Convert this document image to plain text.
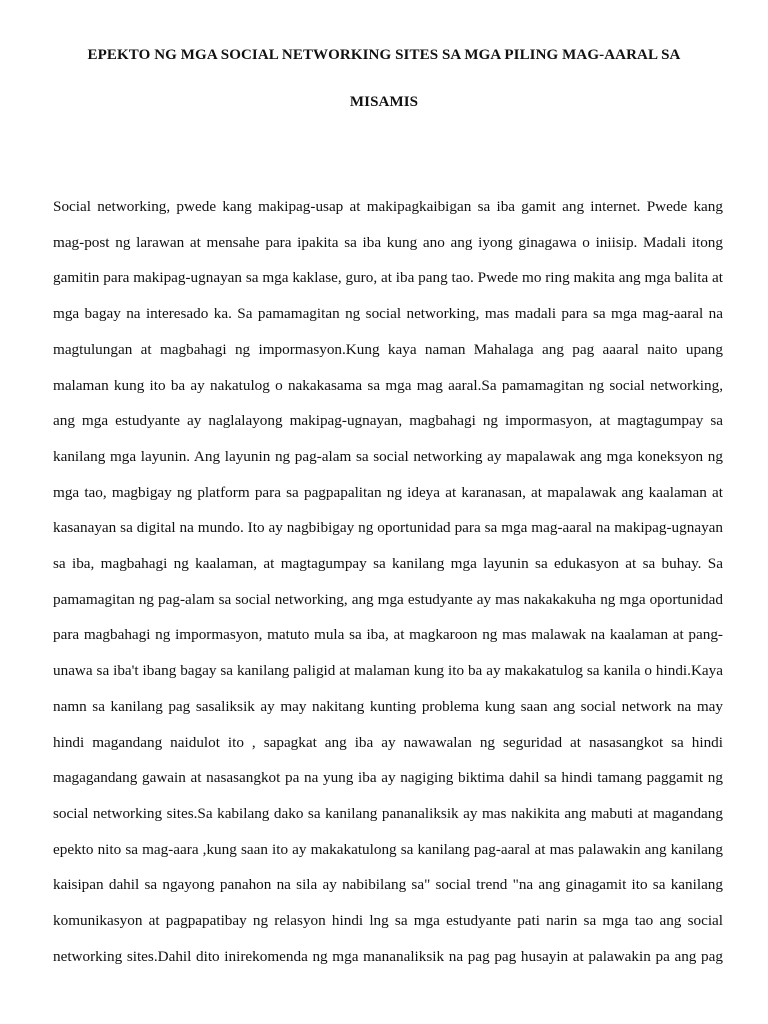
EPEKTO NG MGA SOCIAL NETWORKING SITES SA MGA PILING MAG-AARAL SA
MISAMIS

Social networking, pwede kang makipag-usap at makipagkaibigan sa iba gamit ang internet. Pwede kang mag-post ng larawan at mensahe para ipakita sa iba kung ano ang iyong ginagawa o iniisip. Madali itong gamitin para makipag-ugnayan sa mga kaklase, guro, at iba pang tao. Pwede mo ring makita ang mga balita at mga bagay na interesado ka. Sa pamamagitan ng social networking, mas madali para sa mga mag-aaral na magtulungan at magbahagi ng impormasyon.Kung kaya naman Mahalaga ang pag aaaral naito upang malaman kung ito ba ay nakatulog o nakakasama sa mga mag aaral.Sa pamamagitan ng social networking, ang mga estudyante ay naglalayong makipag-ugnayan, magbahagi ng impormasyon, at magtagumpay sa kanilang mga layunin. Ang layunin ng pag-alam sa social networking ay mapalawak ang mga koneksyon ng mga tao, magbigay ng platform para sa pagpapalitan ng ideya at karanasan, at mapalawak ang kaalaman at kasanayan sa digital na mundo. Ito ay nagbibigay ng oportunidad para sa mga mag-aaral na makipag-ugnayan sa iba, magbahagi ng kaalaman, at magtagumpay sa kanilang mga layunin sa edukasyon at sa buhay. Sa pamamagitan ng pag-alam sa social networking, ang mga estudyante ay mas nakakakuha ng mga oportunidad para magbahagi ng impormasyon, matuto mula sa iba, at magkaroon ng mas malawak na kaalaman at pang-unawa sa iba't ibang bagay sa kanilang paligid at malaman kung ito ba ay makakatulog sa kanila o hindi.Kaya namn sa kanilang pag sasaliksik ay may nakitang kunting problema kung saan ang social network na may hindi magandang naidulot ito , sapagkat ang iba ay nawawalan ng seguridad at nasasangkot sa hindi magagandang gawain at nasasangkot pa na yung iba ay nagiging biktima dahil sa hindi tamang paggamit ng social networking sites.Sa kabilang dako sa kanilang pananaliksik ay mas nakikita ang mabuti at magandang epekto nito sa mag-aara ,kung saan ito ay makakatulong sa kanilang pag-aaral at mas palawakin ang kanilang kaisipan dahil sa ngayong panahon na sila ay nabibilang sa" social trend "na ang ginagamit ito sa kanilang komunikasyon at pagpapatibay ng relasyon hindi lng sa mga estudyante pati narin sa mga tao ang social networking sites.Dahil dito inirekomenda ng mga mananaliksik na pag pag husayin at palawakin pa ang pag
